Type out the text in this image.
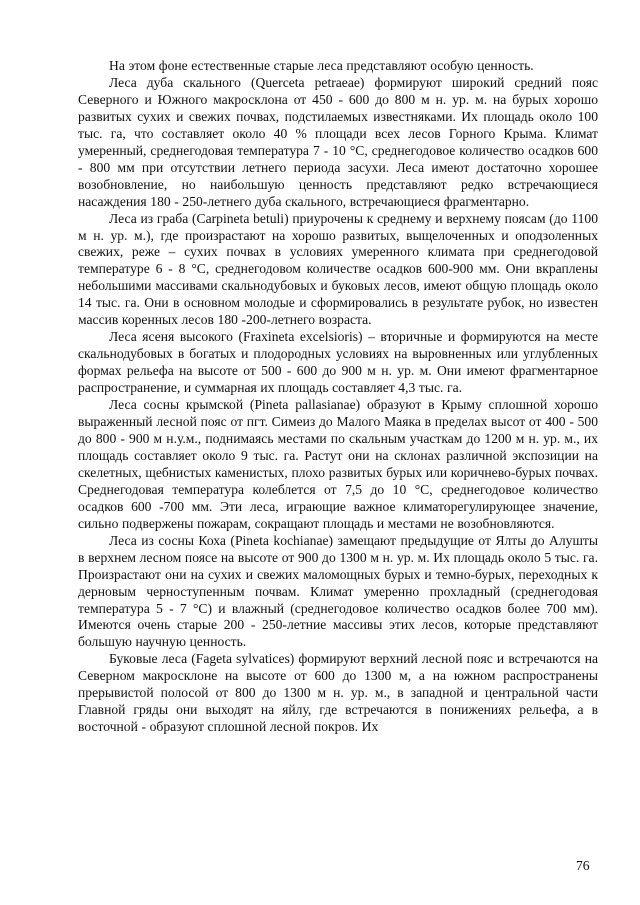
На этом фоне естественные старые леса представляют особую ценность.

Леса дуба скального (Querceta petraeae) формируют широкий средний пояс Северного и Южного макросклона от 450 - 600 до 800 м н. ур. м. на бурых хорошо развитых сухих и свежих почвах, подстилаемых известняками. Их площадь около 100 тыс. га, что составляет около 40 % площади всех лесов Горного Крыма. Климат умеренный, среднегодовая температура 7 - 10 °С, среднегодовое количество осадков 600 - 800 мм при отсутствии летнего периода засухи. Леса имеют достаточно хорошее возобновление, но наибольшую ценность представляют редко встречающиеся насаждения 180 - 250-летнего дуба скального, встречающиеся фрагментарно.

Леса из граба (Carpineta betuli) приурочены к среднему и верхнему поясам (до 1100 м н. ур. м.), где произрастают на хорошо развитых, выщелоченных и оподзоленных свежих, реже – сухих почвах в условиях умеренного климата при среднегодовой температуре 6 - 8 °С, среднегодовом количестве осадков 600-900 мм. Они вкраплены небольшими массивами скальнодубовых и буковых лесов, имеют общую площадь около 14 тыс. га. Они в основном молодые и сформировались в результате рубок, но известен массив коренных лесов 180 -200-летнего возраста.

Леса ясеня высокого (Fraxineta excelsioris) – вторичные и формируются на месте скальнодубовых в богатых и плодородных условиях на выровненных или углубленных формах рельефа на высоте от 500 - 600 до 900 м н. ур. м. Они имеют фрагментарное распространение, и суммарная их площадь составляет 4,3 тыс. га.

Леса сосны крымской (Pineta pallasianae) образуют в Крыму сплошной хорошо выраженный лесной пояс от пгт. Симеиз до Малого Маяка в пределах высот от 400 - 500 до 800 - 900 м н.у.м., поднимаясь местами по скальным участкам до 1200 м н. ур. м., их площадь составляет около 9 тыс. га. Растут они на склонах различной экспозиции на скелетных, щебнистых каменистых, плохо развитых бурых или коричнево-бурых почвах. Среднегодовая температура колеблется от 7,5 до 10 °С, среднегодовое количество осадков 600 -700 мм. Эти леса, играющие важное климаторегулирующее значение, сильно подвержены пожарам, сокращают площадь и местами не возобновляются.

Леса из сосны Коха (Pineta kochianae) замещают предыдущие от Ялты до Алушты в верхнем лесном поясе на высоте от 900 до 1300 м н. ур. м. Их площадь около 5 тыс. га. Произрастают они на сухих и свежих маломощных бурых и темно-бурых, переходных к дерновым черноступенным почвам. Климат умеренно прохладный (среднегодовая температура 5 - 7 °С) и влажный (среднегодовое количество осадков более 700 мм). Имеются очень старые 200 - 250-летние массивы этих лесов, которые представляют большую научную ценность.

Буковые леса (Fageta sylvatices) формируют верхний лесной пояс и встречаются на Северном макросклоне на высоте от 600 до 1300 м, а на южном распространены прерывистой полосой от 800 до 1300 м н. ур. м., в западной и центральной части Главной гряды они выходят на яйлу, где встречаются в понижениях рельефа, а в восточной - образуют сплошной лесной покров. Их

76
